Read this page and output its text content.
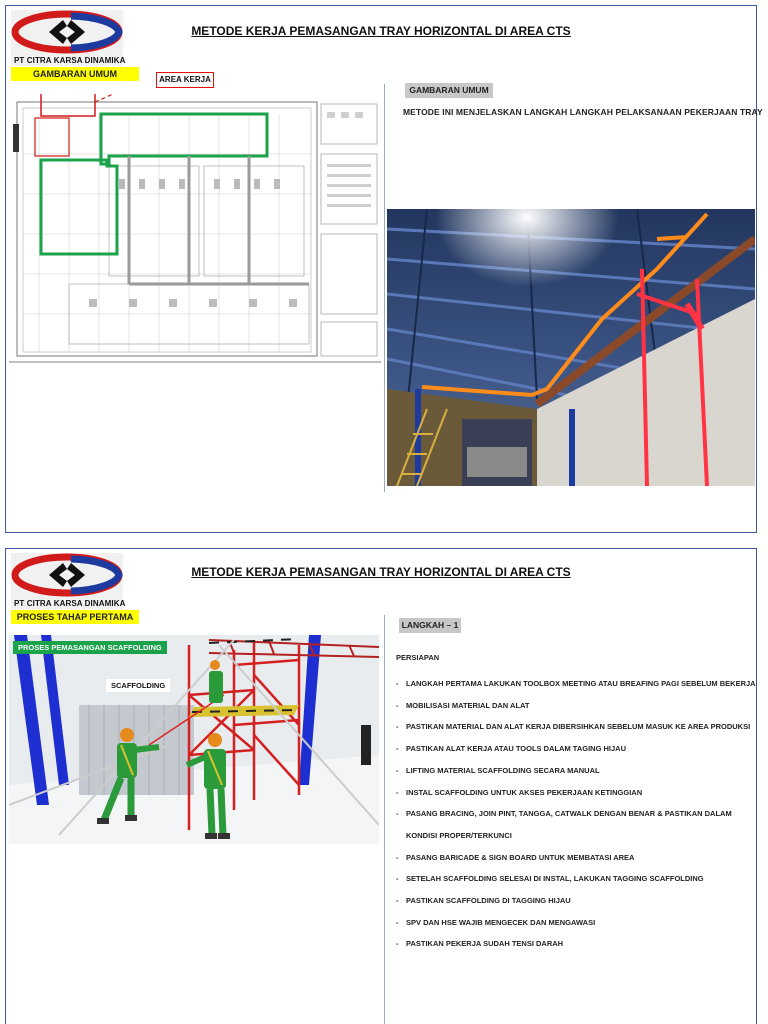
PT CITRA KARSA DINAMIKA
METODE KERJA PEMASANGAN TRAY HORIZONTAL DI AREA CTS
GAMBARAN UMUM
AREA KERJA
GAMBARAN UMUM
METODE INI MENJELASKAN LANGKAH LANGKAH PELAKSANAAN PEKERJAAN TRAY
PT CITRA KARSA DINAMIKA
METODE KERJA PEMASANGAN TRAY HORIZONTAL DI AREA CTS
PROSES TAHAP PERTAMA
PROSES PEMASANGAN SCAFFOLDING
SCAFFOLDING
LANGKAH – 1
PERSIAPAN
- LANGKAH PERTAMA LAKUKAN TOOLBOX MEETING ATAU BREAFING PAGI SEBELUM BEKERJA
- MOBILISASI MATERIAL DAN ALAT
- PASTIKAN MATERIAL DAN ALAT KERJA DIBERSIHKAN SEBELUM MASUK KE AREA PRODUKSI
- PASTIKAN ALAT KERJA ATAU TOOLS DALAM TAGING HIJAU
- LIFTING MATERIAL SCAFFOLDING SECARA MANUAL
- INSTAL SCAFFOLDING UNTUK AKSES PEKERJAAN KETINGGIAN
- PASANG BRACING, JOIN PINT, TANGGA, CATWALK DENGAN BENAR & PASTIKAN DALAM
KONDISI PROPER/TERKUNCI
- PASANG BARICADE & SIGN BOARD UNTUK MEMBATASI AREA
- SETELAH SCAFFOLDING SELESAI DI INSTAL, LAKUKAN TAGGING SCAFFOLDING
- PASTIKAN SCAFFOLDING DI TAGGING HIJAU
- SPV DAN HSE WAJIB MENGECEK DAN MENGAWASI
- PASTIKAN PEKERJA SUDAH TENSI DARAH
